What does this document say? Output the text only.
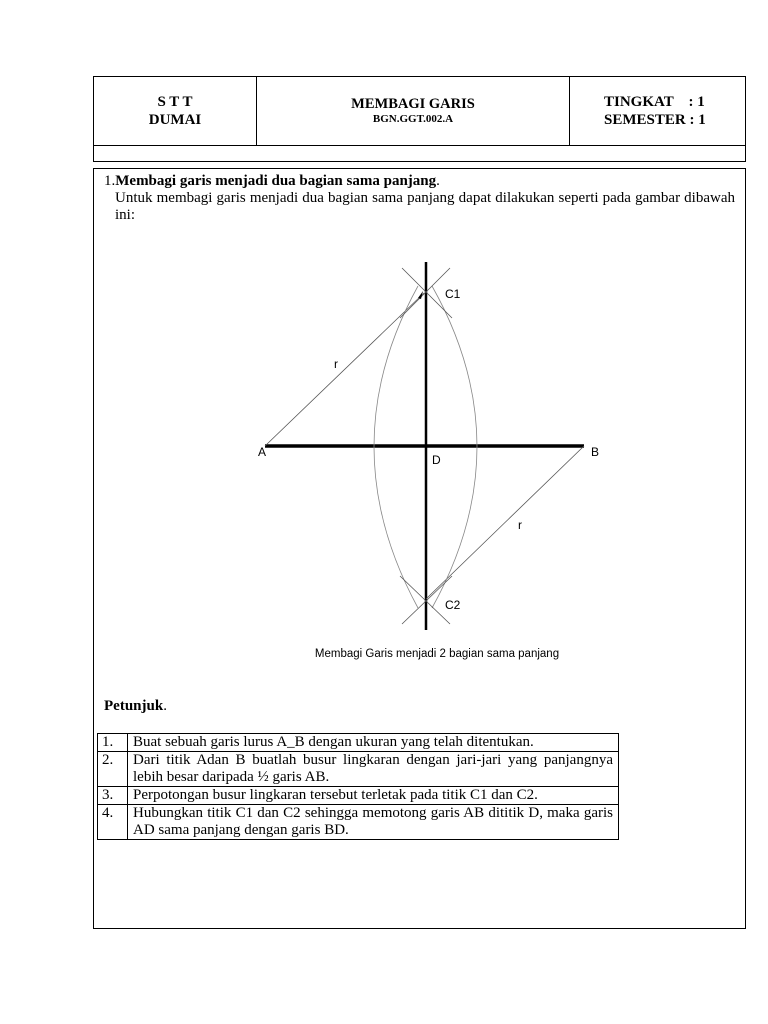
S T T
DUMAI
MEMBAGI GARIS
BGN.GGT.002.A
TINGKAT    : 1
SEMESTER : 1
1.Membagi garis menjadi dua bagian sama panjang.
Untuk membagi garis menjadi dua bagian sama panjang dapat dilakukan seperti pada gambar dibawah ini:
C1
C2
A	B
D
r
r
Membagi Garis menjadi 2 bagian sama panjang
Petunjuk.
1.	Buat sebuah garis lurus A_B dengan ukuran yang telah ditentukan.
2.	Dari titik Adan B buatlah busur lingkaran dengan jari-jari yang panjangnya lebih besar daripada ½ garis AB.
3.	Perpotongan busur lingkaran tersebut terletak pada titik C1 dan C2.
4.	Hubungkan titik C1 dan C2 sehingga memotong garis AB dititik D, maka garis AD sama panjang dengan garis BD.
